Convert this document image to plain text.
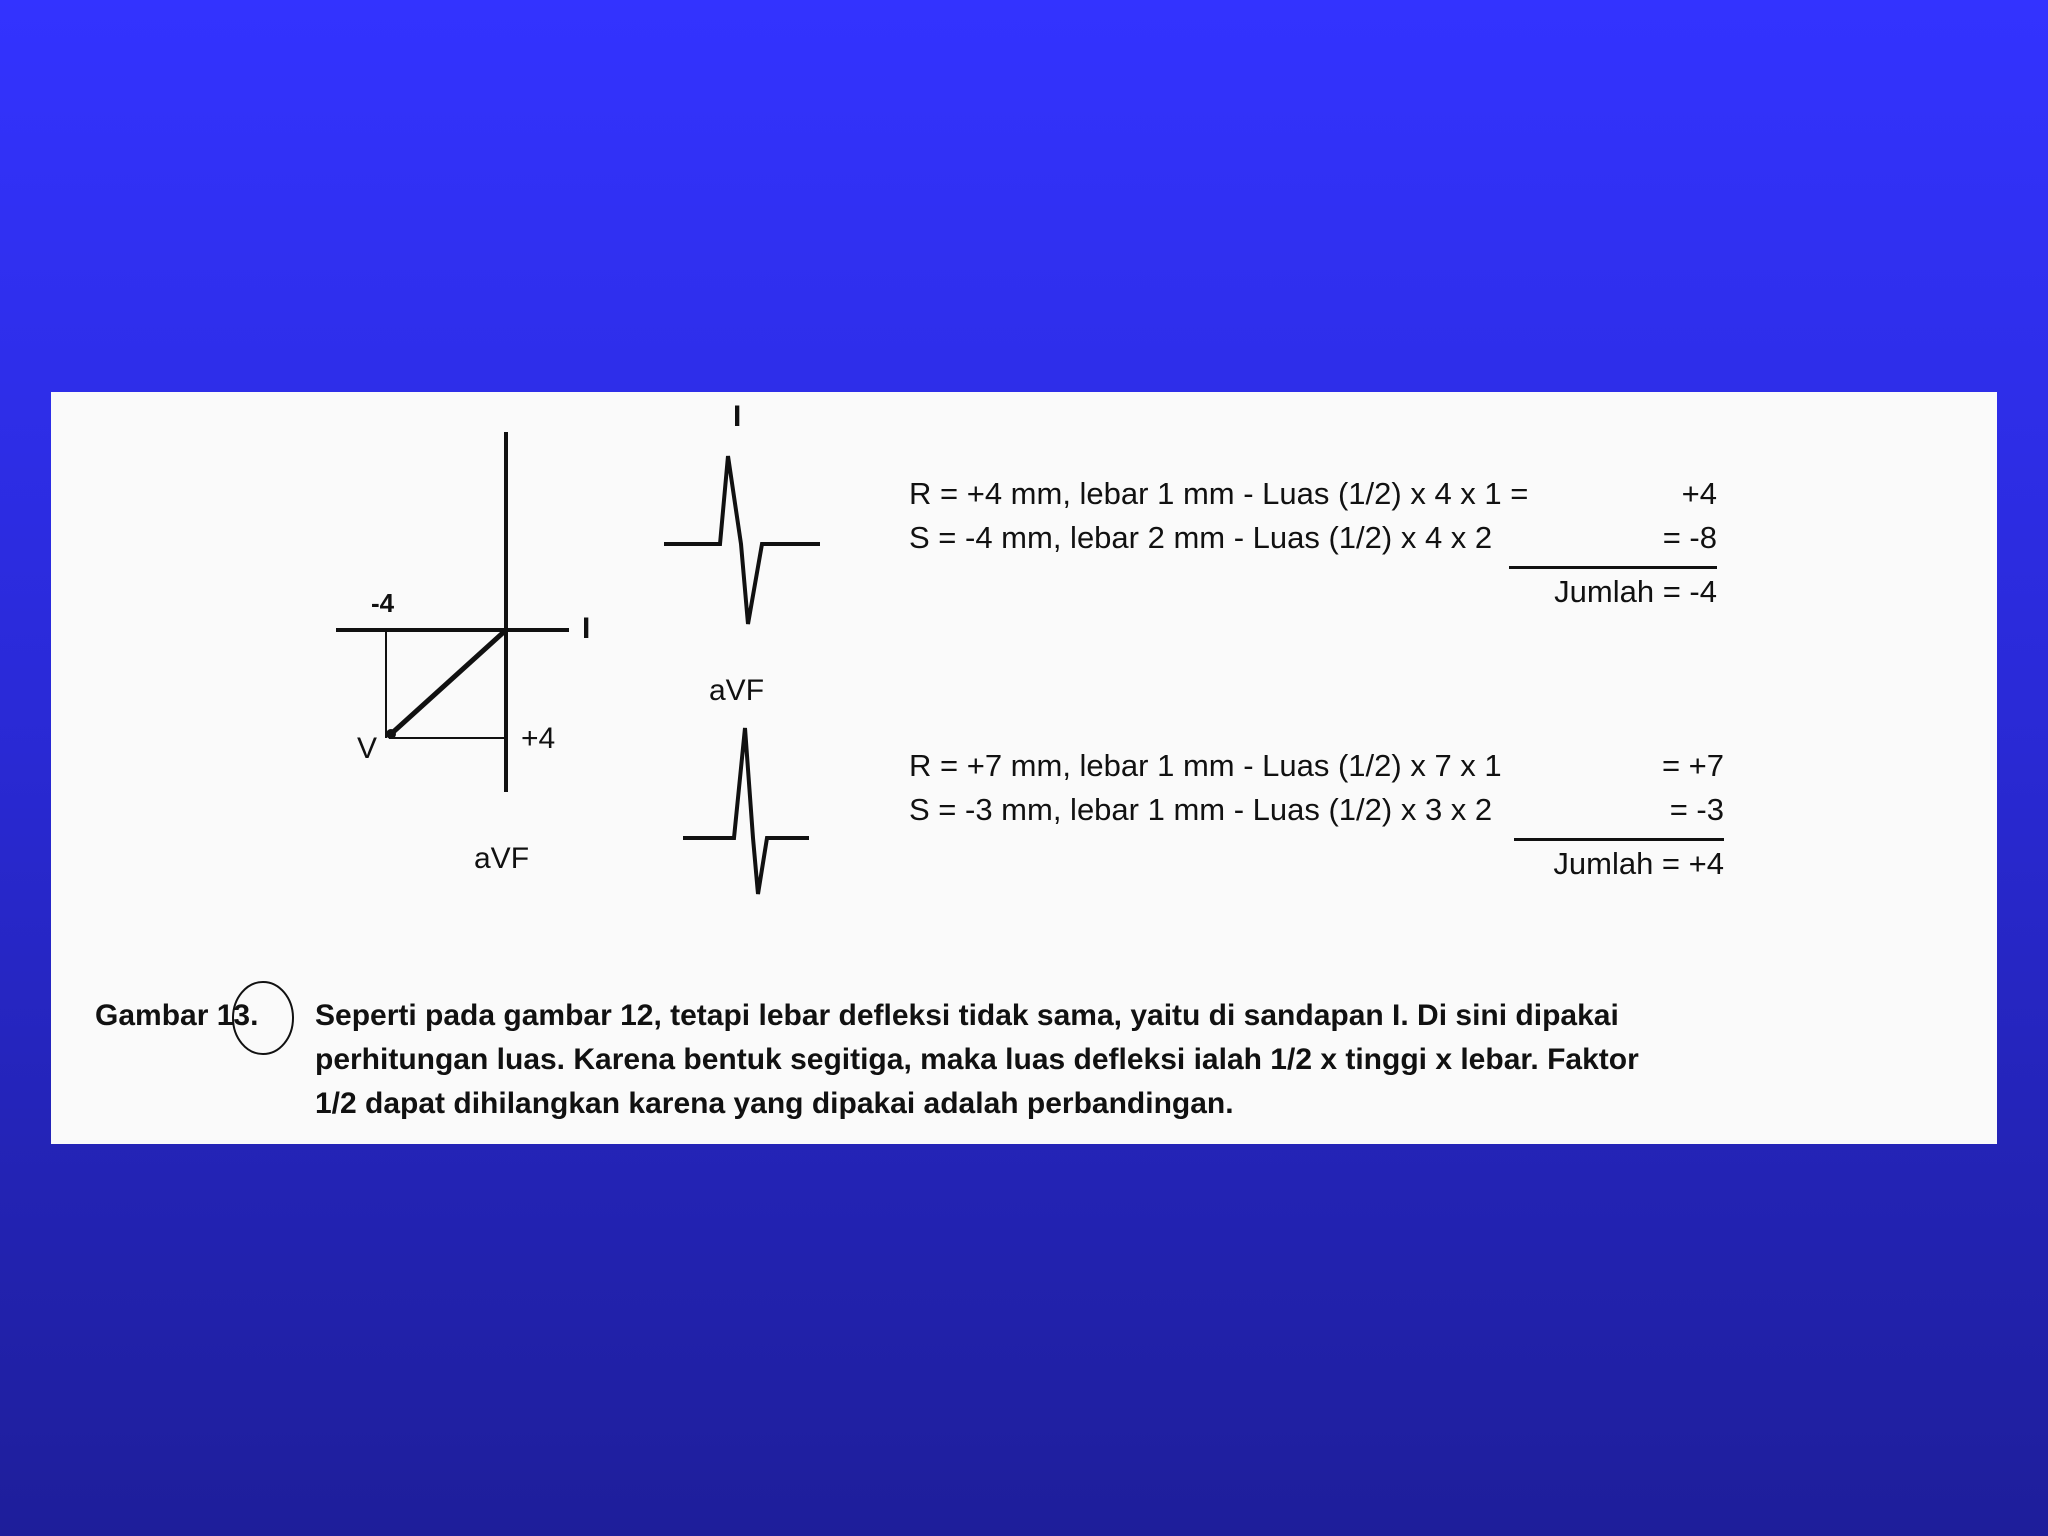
-4
I
V	+4
aVF
I
aVF
R = +4 mm, lebar 1 mm - Luas (1/2) x 4 x 1 =	+4
S = -4 mm, lebar 2 mm - Luas (1/2) x 4 x 2	= -8
Jumlah = -4
R = +7 mm, lebar 1 mm - Luas (1/2) x 7 x 1	= +7
S = -3 mm, lebar 1 mm - Luas (1/2) x 3 x 2	= -3
Jumlah = +4
Gambar 13. Seperti pada gambar 12, tetapi lebar defleksi tidak sama, yaitu di sandapan I. Di sini dipakai
perhitungan luas. Karena bentuk segitiga, maka luas defleksi ialah 1/2 x tinggi x lebar. Faktor
1/2 dapat dihilangkan karena yang dipakai adalah perbandingan.
